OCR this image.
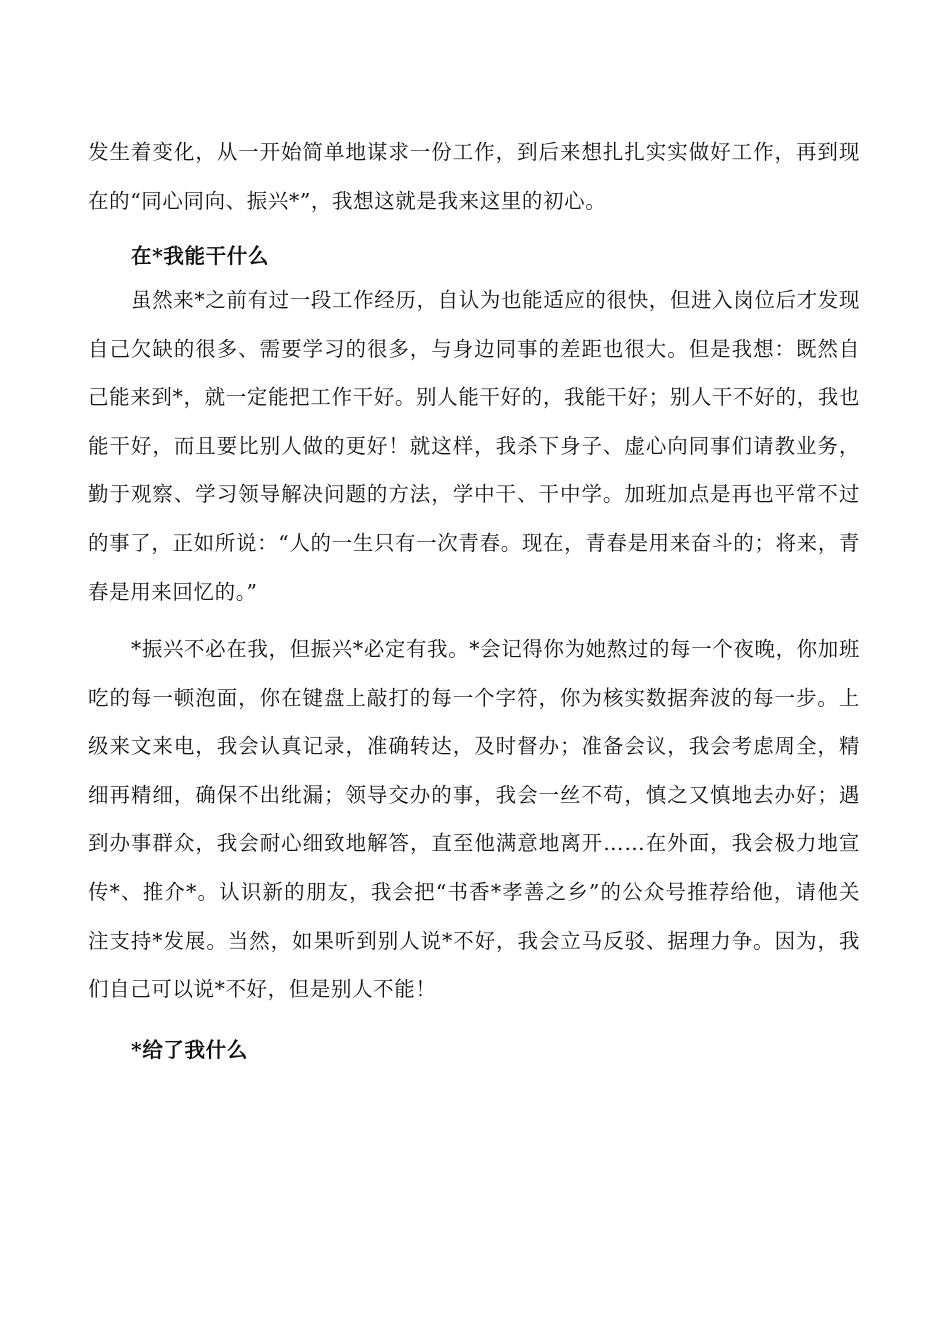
发生着变化，从一开始简单地谋求一份工作，到后来想扎扎实实做好工作，再到现在的“同心同向、振兴*”，我想这就是我来这里的初心。

在*我能干什么

虽然来*之前有过一段工作经历，自认为也能适应的很快，但进入岗位后才发现自己欠缺的很多、需要学习的很多，与身边同事的差距也很大。但是我想：既然自己能来到*，就一定能把工作干好。别人能干好的，我能干好；别人干不好的，我也能干好，而且要比别人做的更好！就这样，我杀下身子、虚心向同事们请教业务，勤于观察、学习领导解决问题的方法，学中干、干中学。加班加点是再也平常不过的事了，正如所说：“人的一生只有一次青春。现在，青春是用来奋斗的；将来，青春是用来回忆的。”

*振兴不必在我，但振兴*必定有我。*会记得你为她熬过的每一个夜晚，你加班吃的每一顿泡面，你在键盘上敲打的每一个字符，你为核实数据奔波的每一步。上级来文来电，我会认真记录，准确转达，及时督办；准备会议，我会考虑周全，精细再精细，确保不出纰漏；领导交办的事，我会一丝不苟，慎之又慎地去办好；遇到办事群众，我会耐心细致地解答，直至他满意地离开……在外面，我会极力地宣传*、推介*。认识新的朋友，我会把“书香*孝善之乡”的公众号推荐给他，请他关注支持*发展。当然，如果听到别人说*不好，我会立马反驳、据理力争。因为，我们自己可以说*不好，但是别人不能！

*给了我什么
